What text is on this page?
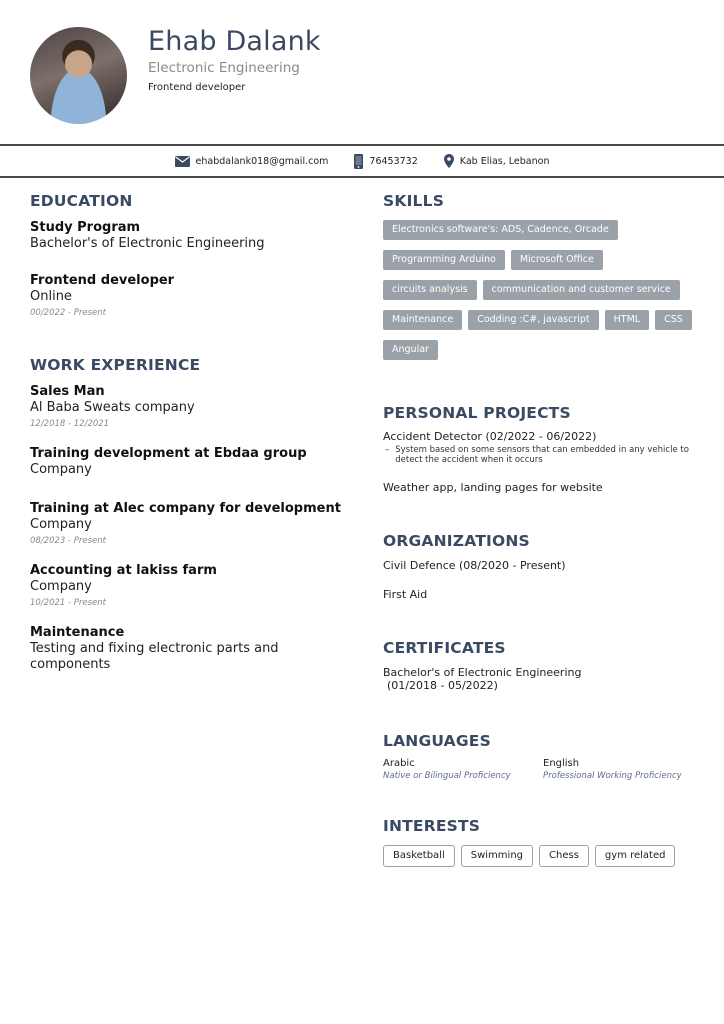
Ehab Dalank
Electronic Engineering
Frontend developer
ehabdalank018@gmail.com	76453732	Kab Elias, Lebanon
EDUCATION
Study Program
Bachelor's of Electronic Engineering
Frontend developer
Online
00/2022 - Present
WORK EXPERIENCE
Sales Man
Al Baba Sweats company
12/2018 - 12/2021
Training development at Ebdaa group
Company
Training at Alec company for development
Company
08/2023 - Present
Accounting at lakiss farm
Company
10/2021 - Present
Maintenance
Testing and fixing electronic parts and components
SKILLS
Electronics software's: ADS, Cadence, Orcade
Programming Arduino	Microsoft Office
circuits analysis	communication and customer service
Maintenance	Codding :C#, javascript	HTML	CSS
Angular
PERSONAL PROJECTS
Accident Detector (02/2022 - 06/2022)
– System based on some sensors that can embedded in any vehicle to detect the accident when it occurs
Weather app, landing pages for website
ORGANIZATIONS
Civil Defence (08/2020 - Present)
First Aid
CERTIFICATES
Bachelor's of Electronic Engineering
(01/2018 - 05/2022)
LANGUAGES
Arabic
Native or Bilingual Proficiency
English
Professional Working Proficiency
INTERESTS
Basketball	Swimming	Chess	gym related
